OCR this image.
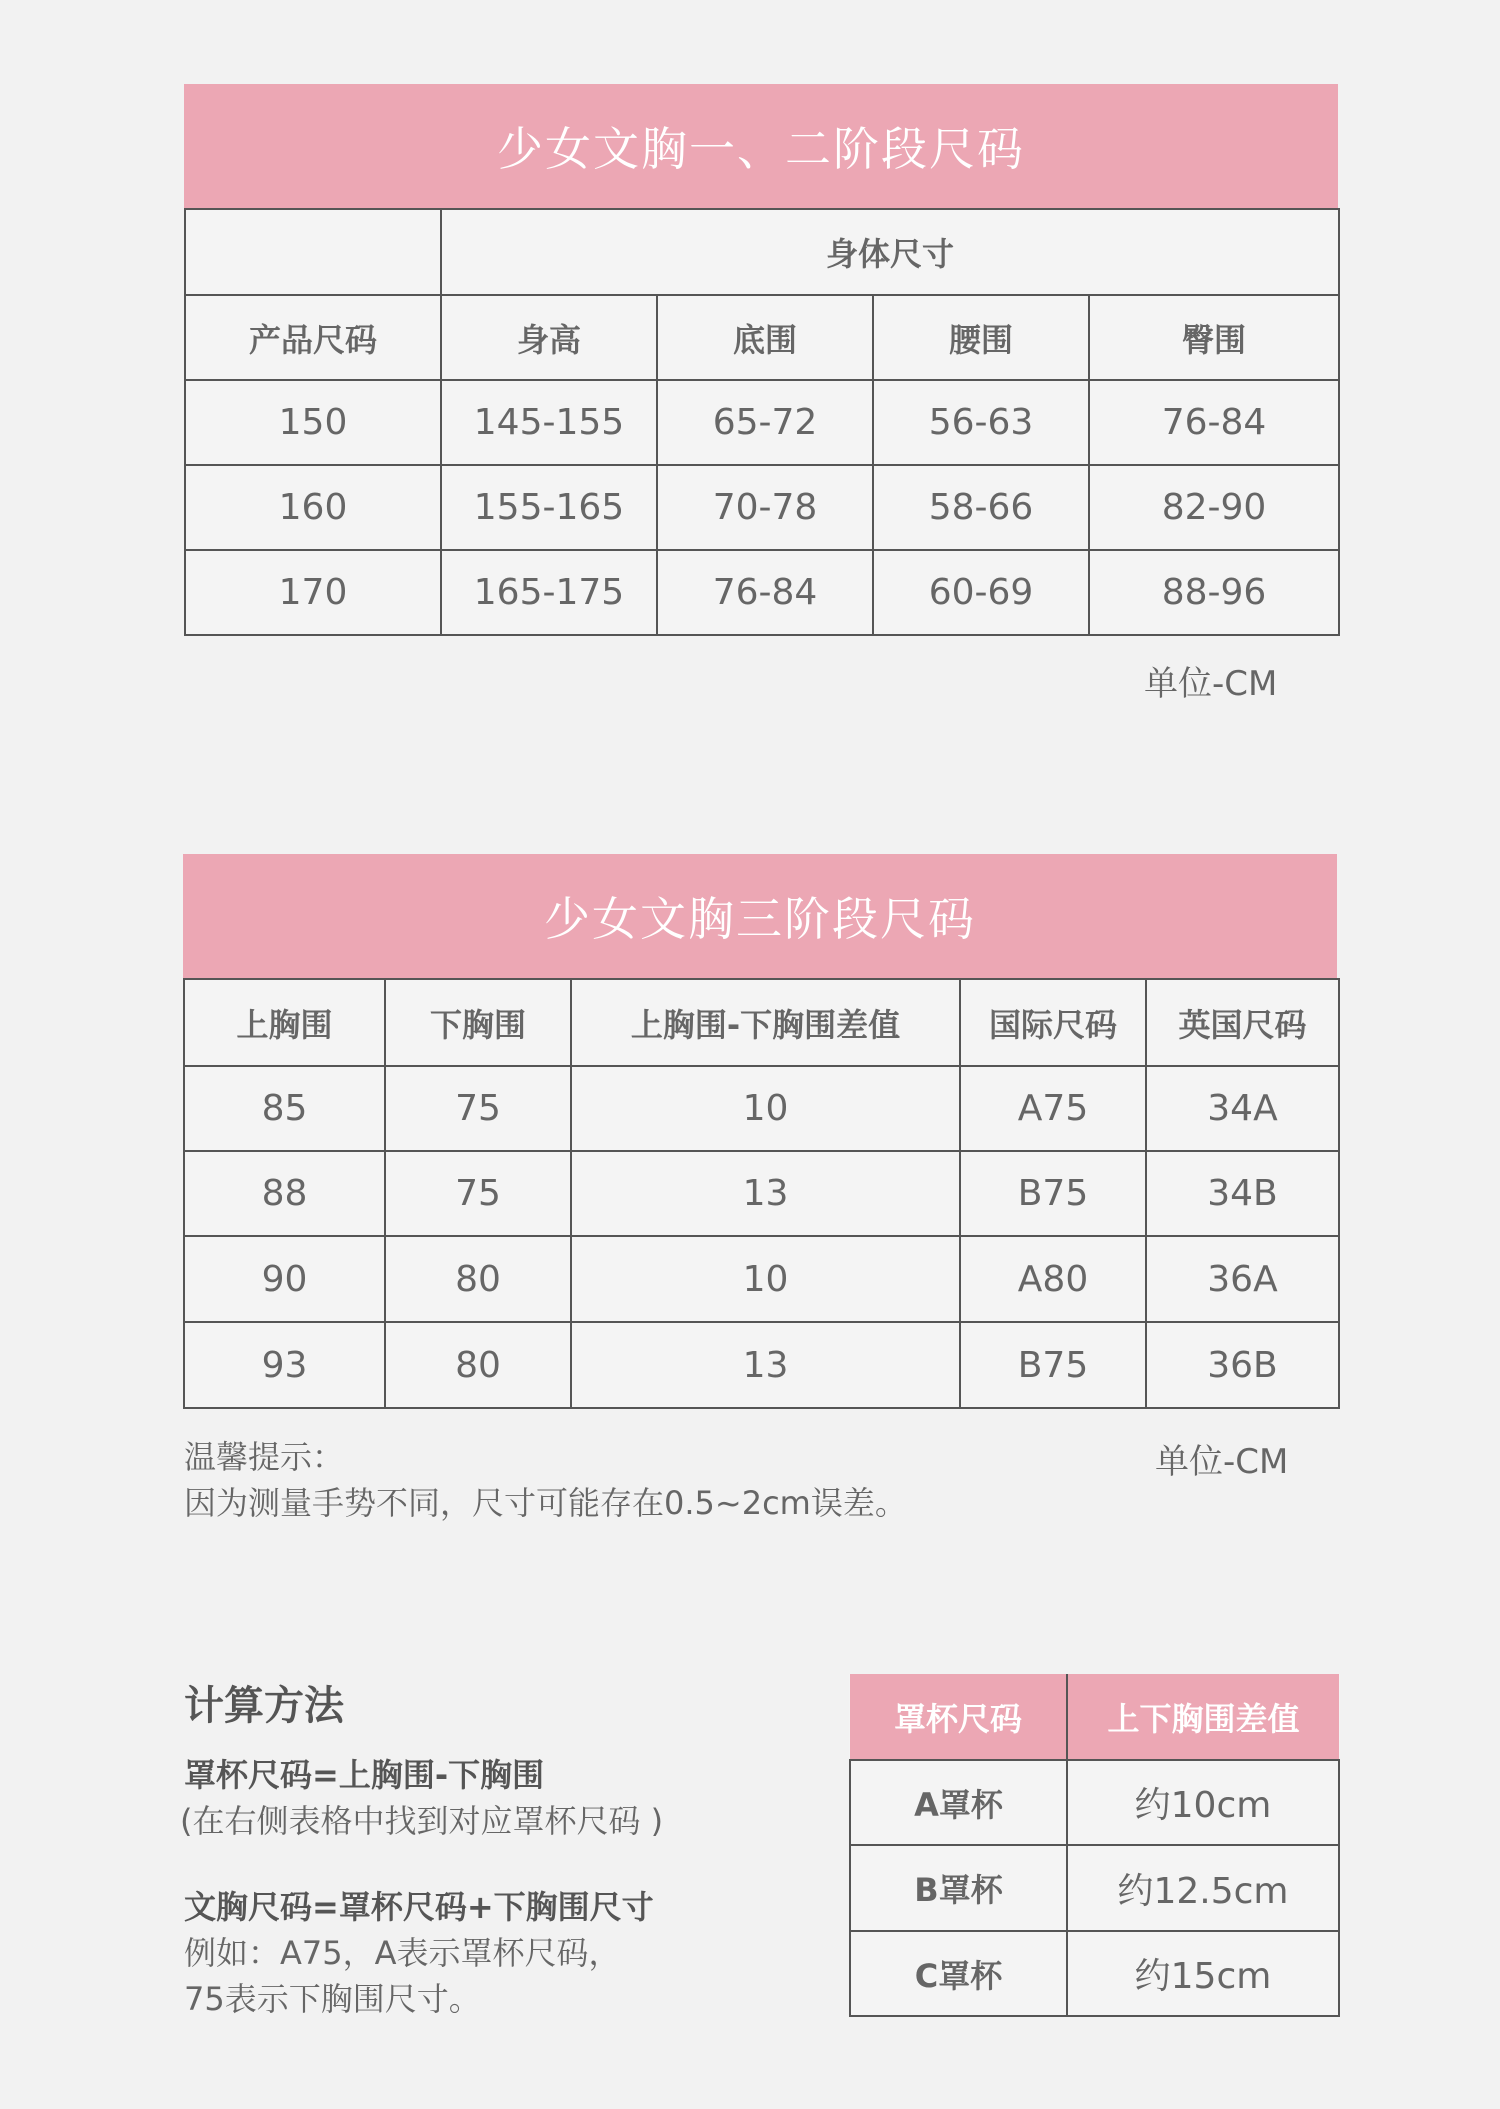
少女文胸一、二阶段尺码
	身体尺寸			
产品尺码	身高	底围	腰围	臀围
150	145-155	65-72	56-63	76-84
160	155-165	70-78	58-66	82-90
170	165-175	76-84	60-69	88-96
单位-CM
少女文胸三阶段尺码
上胸围	下胸围	上胸围-下胸围差值	国际尺码	英国尺码
85	75	10	A75	34A
88	75	13	B75	34B
90	80	10	A80	36A
93	80	13	B75	36B
温馨提示：
因为测量手势不同，尺寸可能存在0.5~2cm误差。
单位-CM
计算方法
罩杯尺码=上胸围-下胸围
(在右侧表格中找到对应罩杯尺码 )
文胸尺码=罩杯尺码+下胸围尺寸
例如：A75，A表示罩杯尺码，
75表示下胸围尺寸。
罩杯尺码	上下胸围差值
A罩杯	约10cm
B罩杯	约12.5cm
C罩杯	约15cm
